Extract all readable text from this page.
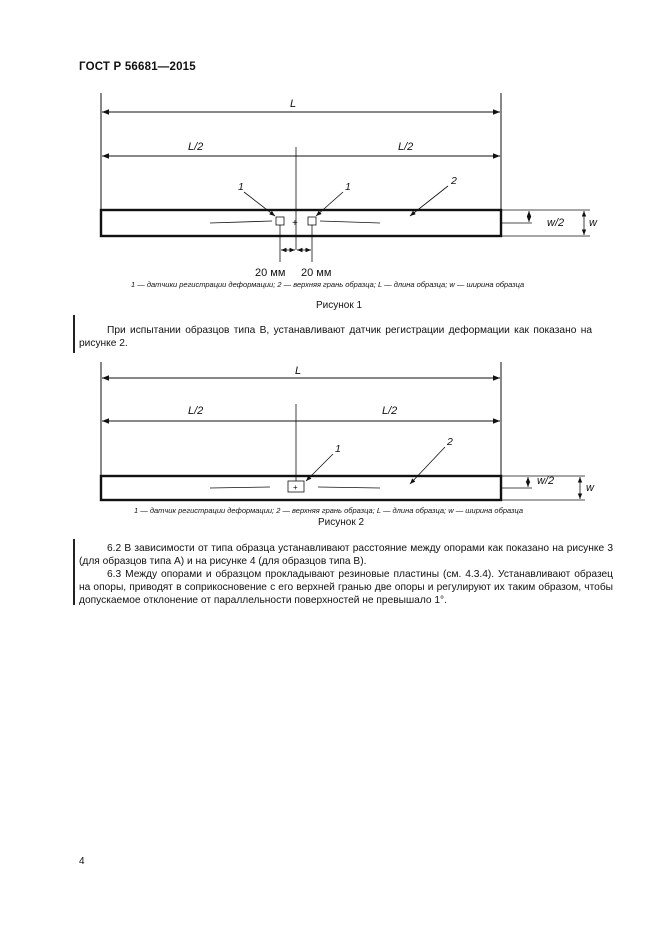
ГОСТ Р 56681—2015
L
L/2	L/2
+
1	1	2
w/2 w
20 мм 20 мм
1 — датчики регистрации деформации; 2 — верхняя грань образца; L — длина образца; w — ширина образца
Рисунок 1
При испытании образцов типа В, устанавливают датчик регистрации деформации как показано на рисунке 2.
L
L/2	L/2
+
1
2
w/2
w
1 — датчик регистрации деформации; 2 — верхняя грань образца; L — длина образца; w — ширина образца
Рисунок 2
6.2 В зависимости от типа образца устанавливают расстояние между опорами как показано на рисунке 3 (для образцов типа А) и на рисунке 4 (для образцов типа В).
6.3 Между опорами и образцом прокладывают резиновые пластины (см. 4.3.4). Устанавливают образец на опоры, приводят в соприкосновение с его верхней гранью две опоры и регулируют их таким образом, чтобы допускаемое отклонение от параллельности поверхностей не превышало 1°.
4
